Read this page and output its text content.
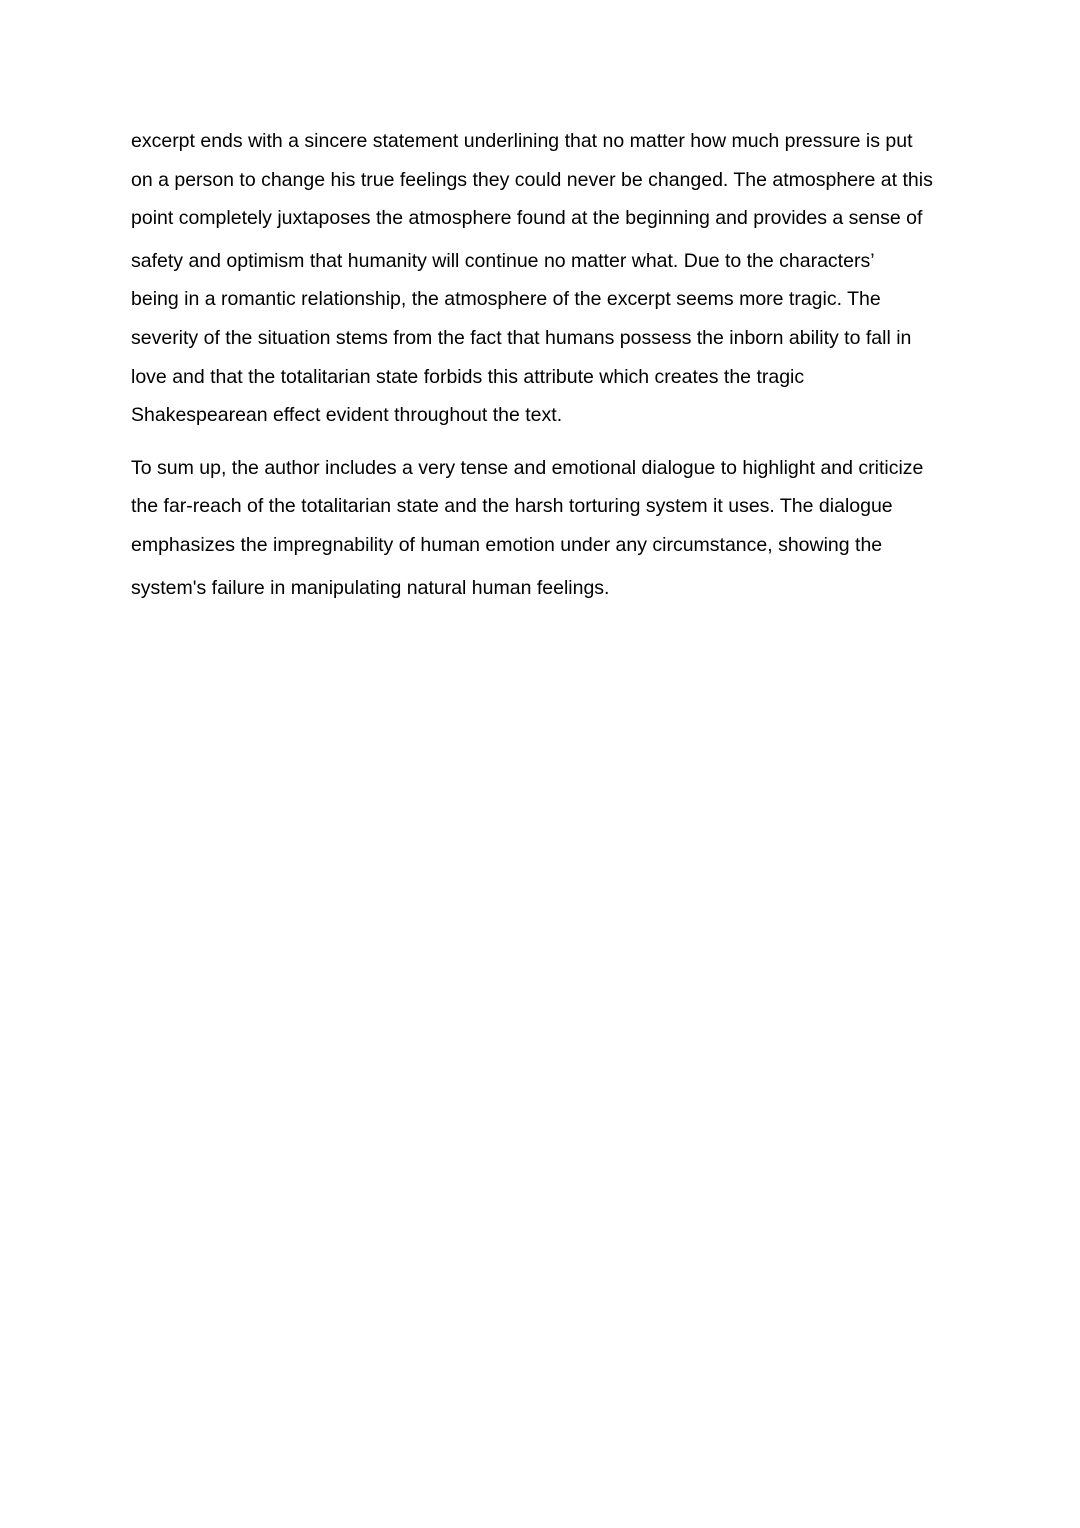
excerpt ends with a sincere statement underlining that no matter how much pressure is put
on a person to change his true feelings they could never be changed. The atmosphere at this
point completely juxtaposes the atmosphere found at the beginning and provides a sense of
safety and optimism that humanity will continue no matter what. Due to the characters’
being in a romantic relationship, the atmosphere of the excerpt seems more tragic. The
severity of the situation stems from the fact that humans possess the inborn ability to fall in
love and that the totalitarian state forbids this attribute which creates the tragic
Shakespearean effect evident throughout the text.
To sum up, the author includes a very tense and emotional dialogue to highlight and criticize
the far-reach of the totalitarian state and the harsh torturing system it uses. The dialogue
emphasizes the impregnability of human emotion under any circumstance, showing the
system's failure in manipulating natural human feelings.
